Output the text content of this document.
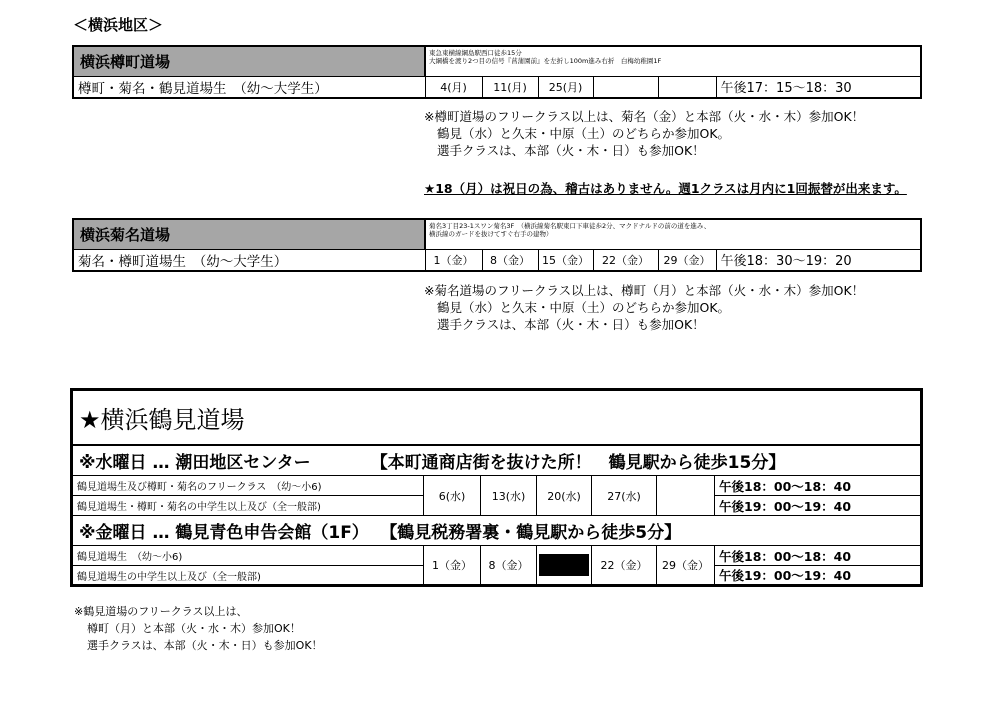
＜横浜地区＞
横浜樽町道場	東急東横線綱島駅西口徒歩15分
大綱橋を渡り2つ目の信号『菖蒲園前』を左折し100m進み右折　白梅幼稚園1F					

樽町・菊名・鶴見道場生　（幼～大学生）	4(月)	11(月)	25(月)			午後17：15～18：30
※樽町道場のフリークラス以上は、菊名（金）と本部（火・水・木）参加OK！
鶴見（水）と久末・中原（土）のどちらか参加OK。
選手クラスは、本部（火・木・日）も参加OK！
★18（月）は祝日の為、稽古はありません。週1クラスは月内に1回振替が出来ます。
横浜菊名道場	菊名3丁目23-1スワン菊名3F　（横浜線菊名駅東口下車徒歩2分、マクドナルドの前の道を進み、
横浜線のガードを抜けてすぐ右手の建物）					

菊名・樽町道場生　（幼～大学生）	1（金）	8（金）	15（金）	22（金）	29（金）	午後18：30～19：20
※菊名道場のフリークラス以上は、樽町（月）と本部（火・水・木）参加OK！
鶴見（水）と久末・中原（土）のどちらか参加OK。
選手クラスは、本部（火・木・日）も参加OK！
★横浜鶴見道場						
※水曜日 … 潮田地区センター 【本町通商店街を抜けた所！　鶴見駅から徒歩15分】						
鶴見道場生及び樽町・菊名のフリークラス　（幼～小6)	6(水)	13(水)	20(水)	27(水)		午後18：00～18：40
鶴見道場生・樽町・菊名の中学生以上及び（全一般部)						午後19：00～19：40
※金曜日 … 鶴見青色申告会館（1F） 【鶴見税務署裏・鶴見駅から徒歩5分】						
鶴見道場生　（幼～小6)	1（金）	8（金）		22（金）	29（金）	午後18：00～18：40
鶴見道場生の中学生以上及び（全一般部)						午後19：00～19：40
※鶴見道場のフリークラス以上は、
樽町（月）と本部（火・水・木）参加OK！
選手クラスは、本部（火・木・日）も参加OK！
